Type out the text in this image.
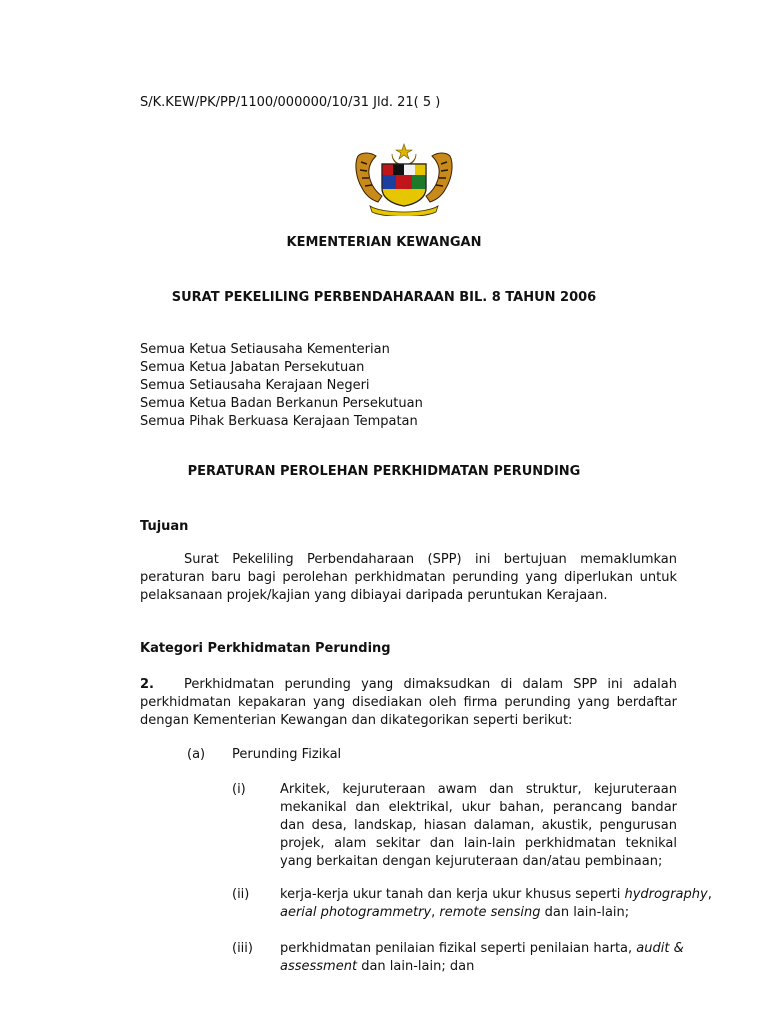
S/K.KEW/PK/PP/1100/000000/10/31 Jld. 21( 5 )
KEMENTERIAN KEWANGAN
SURAT PEKELILING PERBENDAHARAAN BIL. 8 TAHUN 2006
Semua Ketua Setiausaha Kementerian
Semua Ketua Jabatan Persekutuan
Semua Setiausaha Kerajaan Negeri
Semua Ketua Badan Berkanun Persekutuan
Semua Pihak Berkuasa Kerajaan Tempatan
PERATURAN PEROLEHAN PERKHIDMATAN PERUNDING
Tujuan
Surat Pekeliling Perbendaharaan (SPP) ini bertujuan memaklumkan peraturan baru bagi perolehan perkhidmatan perunding yang diperlukan untuk pelaksanaan projek/kajian yang dibiayai daripada peruntukan Kerajaan.
Kategori Perkhidmatan Perunding
2.	Perkhidmatan perunding yang dimaksudkan di dalam SPP ini adalah perkhidmatan kepakaran yang disediakan oleh firma perunding yang berdaftar dengan Kementerian Kewangan dan dikategorikan seperti berikut:
(a) Perunding Fizikal
(i)	Arkitek, kejuruteraan awam dan struktur, kejuruteraan mekanikal dan elektrikal, ukur bahan, perancang bandar dan desa, landskap, hiasan dalaman, akustik, pengurusan projek, alam sekitar dan lain-lain perkhidmatan teknikal yang berkaitan dengan kejuruteraan dan/atau pembinaan;
(ii) kerja-kerja ukur tanah dan kerja ukur khusus seperti hydrography,
aerial photogrammetry, remote sensing dan lain-lain;
(iii) perkhidmatan penilaian fizikal seperti penilaian harta, audit &
assessment dan lain-lain; dan
